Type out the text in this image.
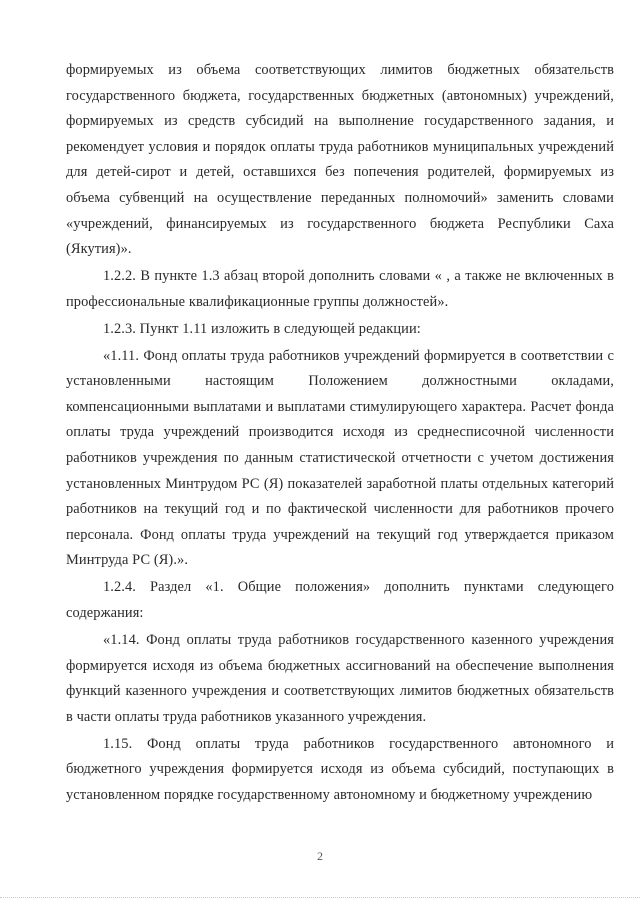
формируемых из объема соответствующих лимитов бюджетных обязательств государственного бюджета, государственных бюджетных (автономных) учреждений, формируемых из средств субсидий на выполнение государственного задания, и рекомендует условия и порядок оплаты труда работников муниципальных учреждений для детей-сирот и детей, оставшихся без попечения родителей, формируемых из объема субвенций на осуществление переданных полномочий» заменить словами «учреждений, финансируемых из государственного бюджета Республики Саха (Якутия)».

1.2.2. В пункте 1.3 абзац второй дополнить словами « , а также не включенных в профессиональные квалификационные группы должностей».

1.2.3. Пункт 1.11 изложить в следующей редакции:

«1.11. Фонд оплаты труда работников учреждений формируется в соответствии с установленными настоящим Положением должностными окладами, компенсационными выплатами и выплатами стимулирующего характера. Расчет фонда оплаты труда учреждений производится исходя из среднесписочной численности работников учреждения по данным статистической отчетности с учетом достижения установленных Минтрудом РС (Я) показателей заработной платы отдельных категорий работников на текущий год и по фактической численности для работников прочего персонала. Фонд оплаты труда учреждений на текущий год утверждается приказом Минтруда РС (Я).».

1.2.4. Раздел «1. Общие положения» дополнить пунктами следующего содержания:

«1.14. Фонд оплаты труда работников государственного казенного учреждения формируется исходя из объема бюджетных ассигнований на обеспечение выполнения функций казенного учреждения и соответствующих лимитов бюджетных обязательств в части оплаты труда работников указанного учреждения.

1.15. Фонд оплаты труда работников государственного автономного и бюджетного учреждения формируется исходя из объема субсидий, поступающих в установленном порядке государственному автономному и бюджетному учреждению

2
